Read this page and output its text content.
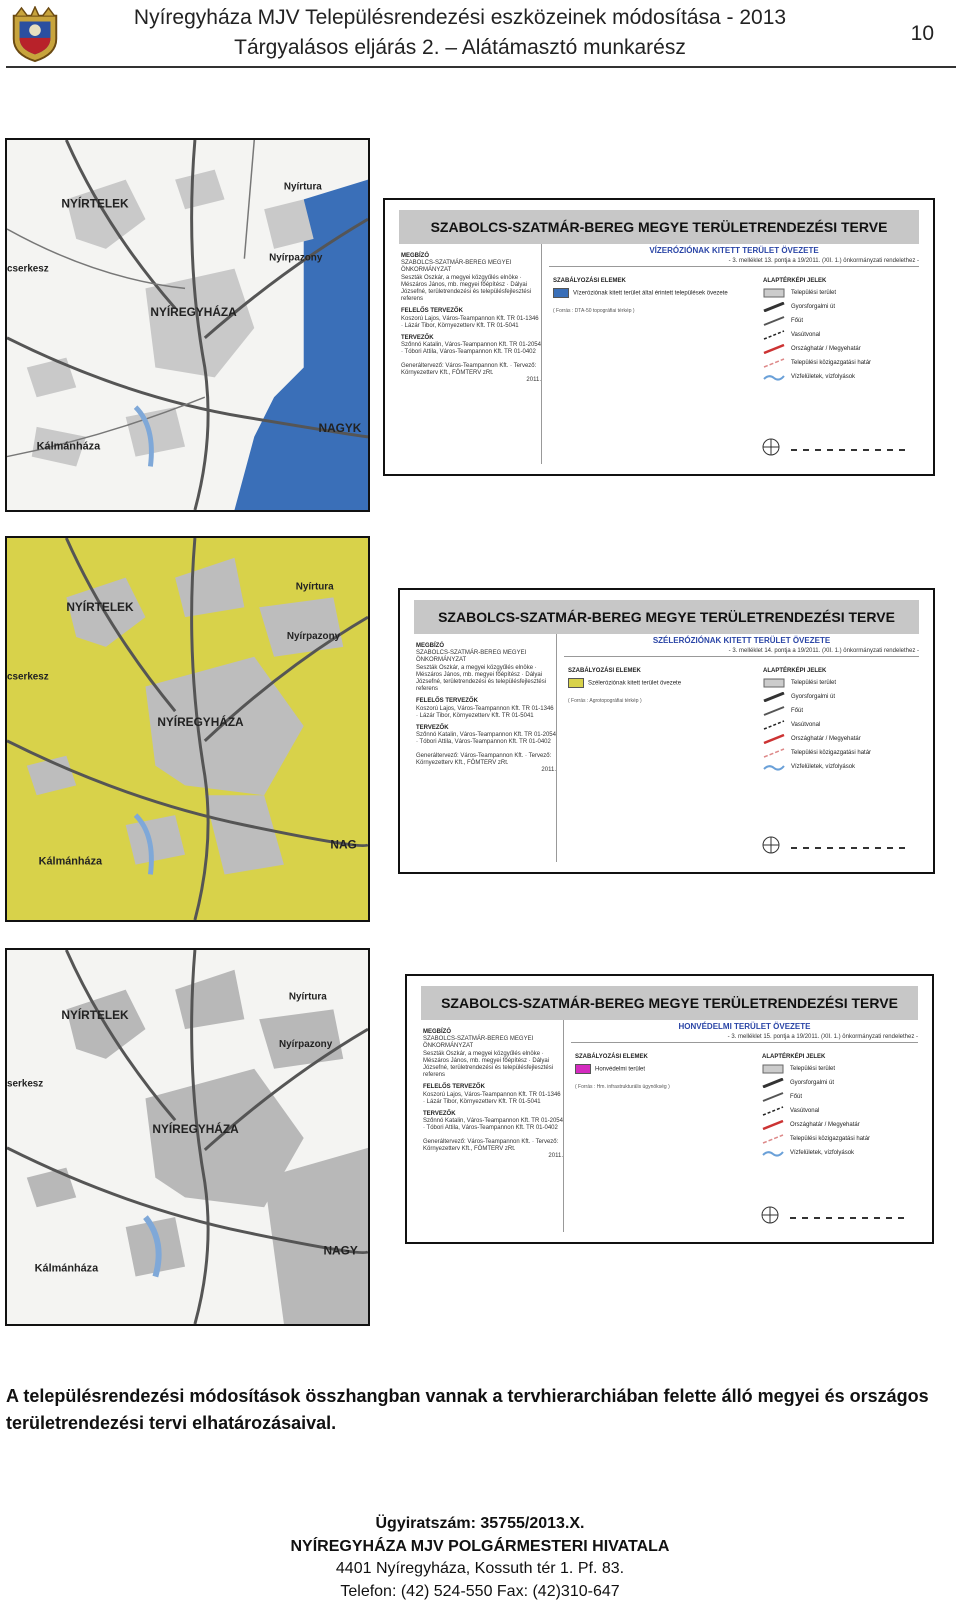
Nyíregyháza MJV Településrendezési eszközeinek módosítása - 2013
Tárgyalásos eljárás 2. – Alátámasztó munkarész
10
NYÍRTELEK
NYÍREGYHÁZA
Kálmánháza
Nyírtura
Nyírpazony
NAGYK
cserkesz
SZABOLCS-SZATMÁR-BEREG MEGYE TERÜLETRENDEZÉSI TERVE
MEGBÍZÓ
SZABOLCS-SZATMÁR-BEREG MEGYEI ÖNKORMÁNYZAT
Seszták Oszkár, a megyei közgyűlés elnöke · Mészáros János, mb. megyei főépítész · Dályai Józsefné, területrendezési és településfejlesztési referens
FELELŐS TERVEZŐK
Koszorú Lajos, Város-Teampannon Kft. TR 01-1346 · Lázár Tibor, Környezetterv Kft. TR 01-5041
TERVEZŐK
Szőnnó Katalin, Város-Teampannon Kft. TR 01-2054 · Tóbori Attila, Város-Teampannon Kft. TR 01-0402
Generáltervező: Város-Teampannon Kft. · Tervező: Környezetterv Kft., FÖMTERV zRt.
2011.
VÍZERÓZIÓNAK KITETT TERÜLET ÖVEZETE
- 3. melléklet 13. pontja a 19/2011. (XII. 1.) önkormányzati rendelethez -
SZABÁLYOZÁSI ELEMEK
Vízeróziónak kitett terület által érintett települések övezete
( Forrás : DTA-50 topográfiai térkép )
ALAPTÉRKÉPI JELEK
Települési terület
Gyorsforgalmi út
Főút
Vasútvonal
Országhatár / Megyehatár
Települési közigazgatási határ
Vízfelületek, vízfolyások
NYÍRTELEK
NYÍREGYHÁZA
Kálmánháza
Nyírtura
Nyírpazony
NAG
cserkesz
SZABOLCS-SZATMÁR-BEREG MEGYE TERÜLETRENDEZÉSI TERVE
MEGBÍZÓ
SZABOLCS-SZATMÁR-BEREG MEGYEI ÖNKORMÁNYZAT
Seszták Oszkár, a megyei közgyűlés elnöke · Mészáros János, mb. megyei főépítész · Dályai Józsefné, területrendezési és településfejlesztési referens
FELELŐS TERVEZŐK
Koszorú Lajos, Város-Teampannon Kft. TR 01-1346 · Lázár Tibor, Környezetterv Kft. TR 01-5041
TERVEZŐK
Szőnnó Katalin, Város-Teampannon Kft. TR 01-2054 · Tóbori Attila, Város-Teampannon Kft. TR 01-0402
Generáltervező: Város-Teampannon Kft. · Tervező: Környezetterv Kft., FÖMTERV zRt.
2011.
SZÉLERÓZIÓNAK KITETT TERÜLET ÖVEZETE
- 3. melléklet 14. pontja a 19/2011. (XII. 1.) önkormányzati rendelethez -
SZABÁLYOZÁSI ELEMEK
Széleróziónak kitett terület övezete
( Forrás : Agrotopográfiai térkép )
ALAPTÉRKÉPI JELEK
Települési terület
Gyorsforgalmi út
Főút
Vasútvonal
Országhatár / Megyehatár
Települési közigazgatási határ
Vízfelületek, vízfolyások
NYÍRTELEK
NYÍREGYHÁZA
Kálmánháza
Nyírtura
Nyírpazony
NAGY
serkesz
SZABOLCS-SZATMÁR-BEREG MEGYE TERÜLETRENDEZÉSI TERVE
MEGBÍZÓ
SZABOLCS-SZATMÁR-BEREG MEGYEI ÖNKORMÁNYZAT
Seszták Oszkár, a megyei közgyűlés elnöke · Mészáros János, mb. megyei főépítész · Dályai Józsefné, területrendezési és településfejlesztési referens
FELELŐS TERVEZŐK
Koszorú Lajos, Város-Teampannon Kft. TR 01-1346 · Lázár Tibor, Környezetterv Kft. TR 01-5041
TERVEZŐK
Szőnnó Katalin, Város-Teampannon Kft. TR 01-2054 · Tóbori Attila, Város-Teampannon Kft. TR 01-0402
Generáltervező: Város-Teampannon Kft. · Tervező: Környezetterv Kft., FÖMTERV zRt.
2011.
HONVÉDELMI TERÜLET ÖVEZETE
- 3. melléklet 15. pontja a 19/2011. (XII. 1.) önkormányzati rendelethez -
SZABÁLYOZÁSI ELEMEK
Honvédelmi terület
( Forrás : Hm. infrastrukturális ügynökség )
ALAPTÉRKÉPI JELEK
Települési terület
Gyorsforgalmi út
Főút
Vasútvonal
Országhatár / Megyehatár
Települési közigazgatási határ
Vízfelületek, vízfolyások
A településrendezési módosítások összhangban vannak a tervhierarchiában felette álló megyei és országos területrendezési tervi elhatározásaival.
Ügyiratszám: 35755/2013.X.
NYÍREGYHÁZA MJV POLGÁRMESTERI HIVATALA
4401 Nyíregyháza, Kossuth tér 1. Pf. 83.
Telefon: (42) 524-550 Fax: (42)310-647
